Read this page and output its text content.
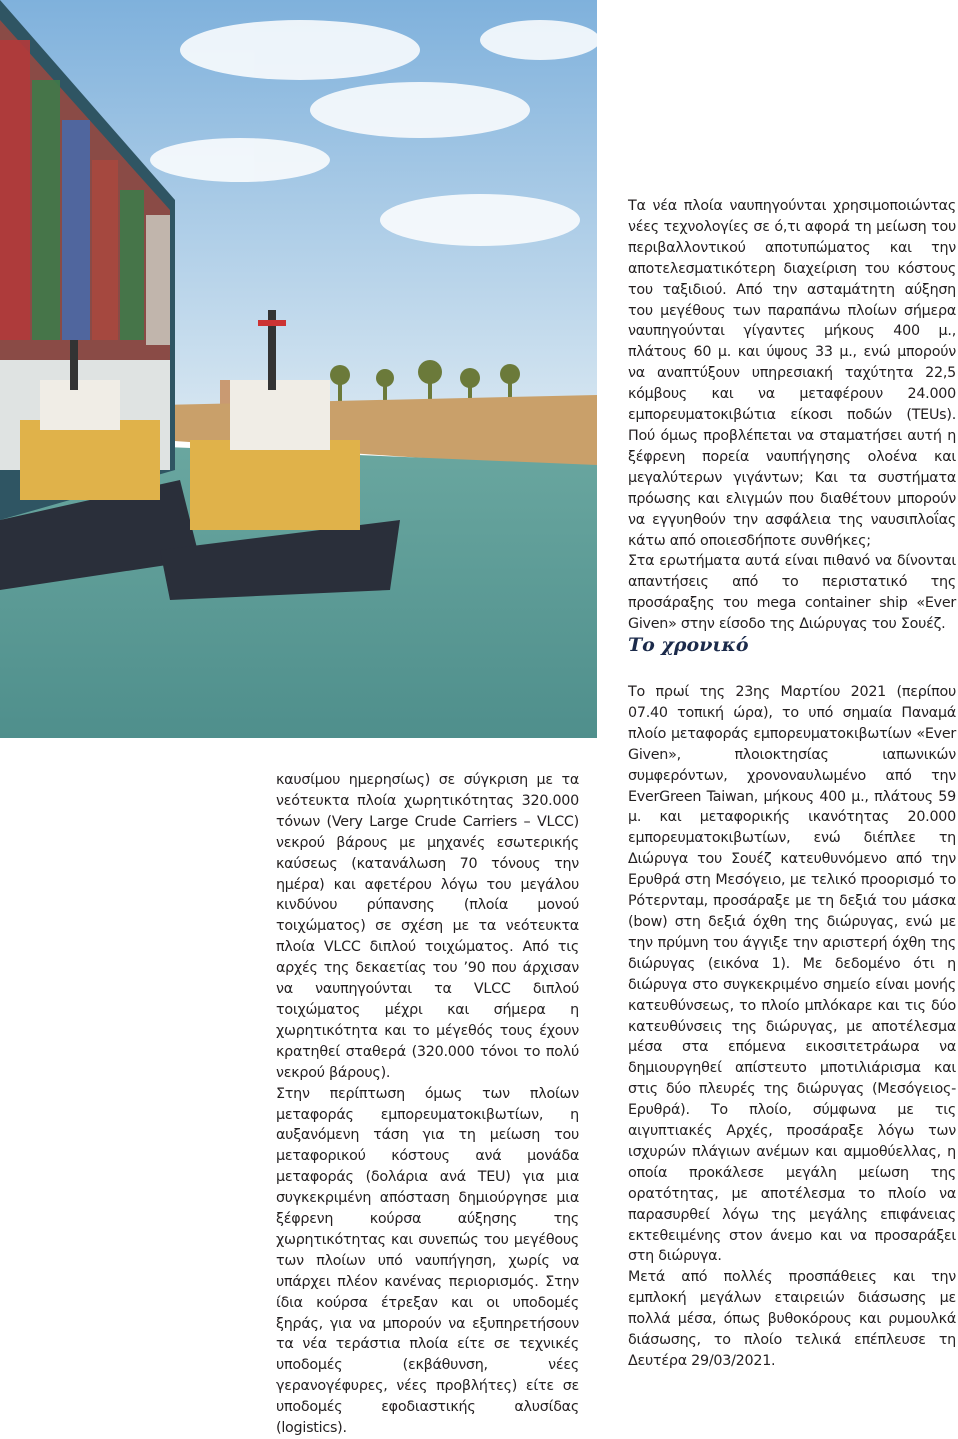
Τα νέα πλοία ναυπηγούνται χρησιμοποιώντας νέες τεχνολογίες σε ό,τι αφορά τη μείωση του περιβαλλοντικού αποτυπώματος και την αποτελεσματικότερη διαχείριση του κόστους του ταξιδιού. Από την ασταμάτητη αύξηση του μεγέθους των παραπάνω πλοίων σήμερα ναυπηγούνται γίγαντες μήκους 400 μ., πλάτους 60 μ. και ύψους 33 μ., ενώ μπορούν να αναπτύξουν υπηρεσιακή ταχύτητα 22,5 κόμβους και να μεταφέρουν 24.000 εμπορευματοκιβώτια είκοσι ποδών (TEUs). Πού όμως προβλέπεται να σταματήσει αυτή η ξέφρενη πορεία ναυπήγησης ολοένα και μεγαλύτερων γιγάντων; Και τα συστήματα πρόωσης και ελιγμών που διαθέτουν μπορούν να εγγυηθούν την ασφάλεια της ναυσιπλοΐας κάτω από οποιεσδήποτε συνθήκες;

Στα ερωτήματα αυτά είναι πιθανό να δίνονται απαντήσεις από το περιστατικό της προσάραξης του mega container ship «Ever Given» στην είσοδο της Διώρυγας του Σουέζ.

Το χρονικό

καυσίμου ημερησίως) σε σύγκριση με τα νεότευκτα πλοία χωρητικότητας 320.000 τόνων (Very Large Crude Carriers – VLCC) νεκρού βάρους με μηχανές εσωτερικής καύσεως (κατανάλωση 70 τόνους την ημέρα) και αφετέρου λόγω του μεγάλου κινδύνου ρύπανσης (πλοία μονού τοιχώματος) σε σχέση με τα νεότευκτα πλοία VLCC διπλού τοιχώματος. Από τις αρχές της δεκαετίας του ’90 που άρχισαν να ναυπηγούνται τα VLCC διπλού τοιχώματος μέχρι και σήμερα η χωρητικότητα και το μέγεθός τους έχουν κρατηθεί σταθερά (320.000 τόνοι το πολύ νεκρού βάρους).

Στην περίπτωση όμως των πλοίων μεταφοράς εμπορευματοκιβωτίων, η αυξανόμενη τάση για τη μείωση του μεταφορικού κόστους ανά μονάδα μεταφοράς (δολάρια ανά TEU) για μια συγκεκριμένη απόσταση δημιούργησε μια ξέφρενη κούρσα αύξησης της χωρητικότητας και συνεπώς του μεγέθους των πλοίων υπό ναυπήγηση, χωρίς να υπάρχει πλέον κανένας περιορισμός. Στην ίδια κούρσα έτρεξαν και οι υποδομές ξηράς, για να μπορούν να εξυπηρετήσουν τα νέα τεράστια πλοία είτε σε τεχνικές υποδομές (εκβάθυνση, νέες γερανογέφυρες, νέες προβλήτες) είτε σε υποδομές εφοδιαστικής αλυσίδας (logistics).

Το πρωί της 23ης Μαρτίου 2021 (περίπου 07.40 τοπική ώρα), το υπό σημαία Παναμά πλοίο μεταφοράς εμπορευματοκιβωτίων «Ever Given», πλοιοκτησίας ιαπωνικών συμφερόντων, χρονοναυλωμένο από την EverGreen Taiwan, μήκους 400 μ., πλάτους 59 μ. και μεταφορικής ικανότητας 20.000 εμπορευματοκιβωτίων, ενώ διέπλεε τη Διώρυγα του Σουέζ κατευθυνόμενο από την Ερυθρά στη Μεσόγειο, με τελικό προορισμό το Ρότερνταμ, προσάραξε με τη δεξιά του μάσκα (bow) στη δεξιά όχθη της διώρυγας, ενώ με την πρύμνη του άγγιξε την αριστερή όχθη της διώρυγας (εικόνα 1). Με δεδομένο ότι η διώρυγα στο συγκεκριμένο σημείο είναι μονής κατευθύνσεως, το πλοίο μπλόκαρε και τις δύο κατευθύνσεις της διώρυγας, με αποτέλεσμα μέσα στα επόμενα εικοσιτετράωρα να δημιουργηθεί απίστευτο μποτιλιάρισμα και στις δύο πλευρές της διώρυγας (Μεσόγειος-Ερυθρά). Το πλοίο, σύμφωνα με τις αιγυπτιακές Αρχές, προσάραξε λόγω των ισχυρών πλάγιων ανέμων και αμμοθύελλας, η οποία προκάλεσε μεγάλη μείωση της ορατότητας, με αποτέλεσμα το πλοίο να παρασυρθεί λόγω της μεγάλης επιφάνειας εκτεθειμένης στον άνεμο και να προσαράξει στη διώρυγα.

Μετά από πολλές προσπάθειες και την εμπλοκή μεγάλων εταιρειών διάσωσης με πολλά μέσα, όπως βυθοκόρους και ρυμουλκά διάσωσης, το πλοίο τελικά επέπλευσε τη Δευτέρα 29/03/2021.
